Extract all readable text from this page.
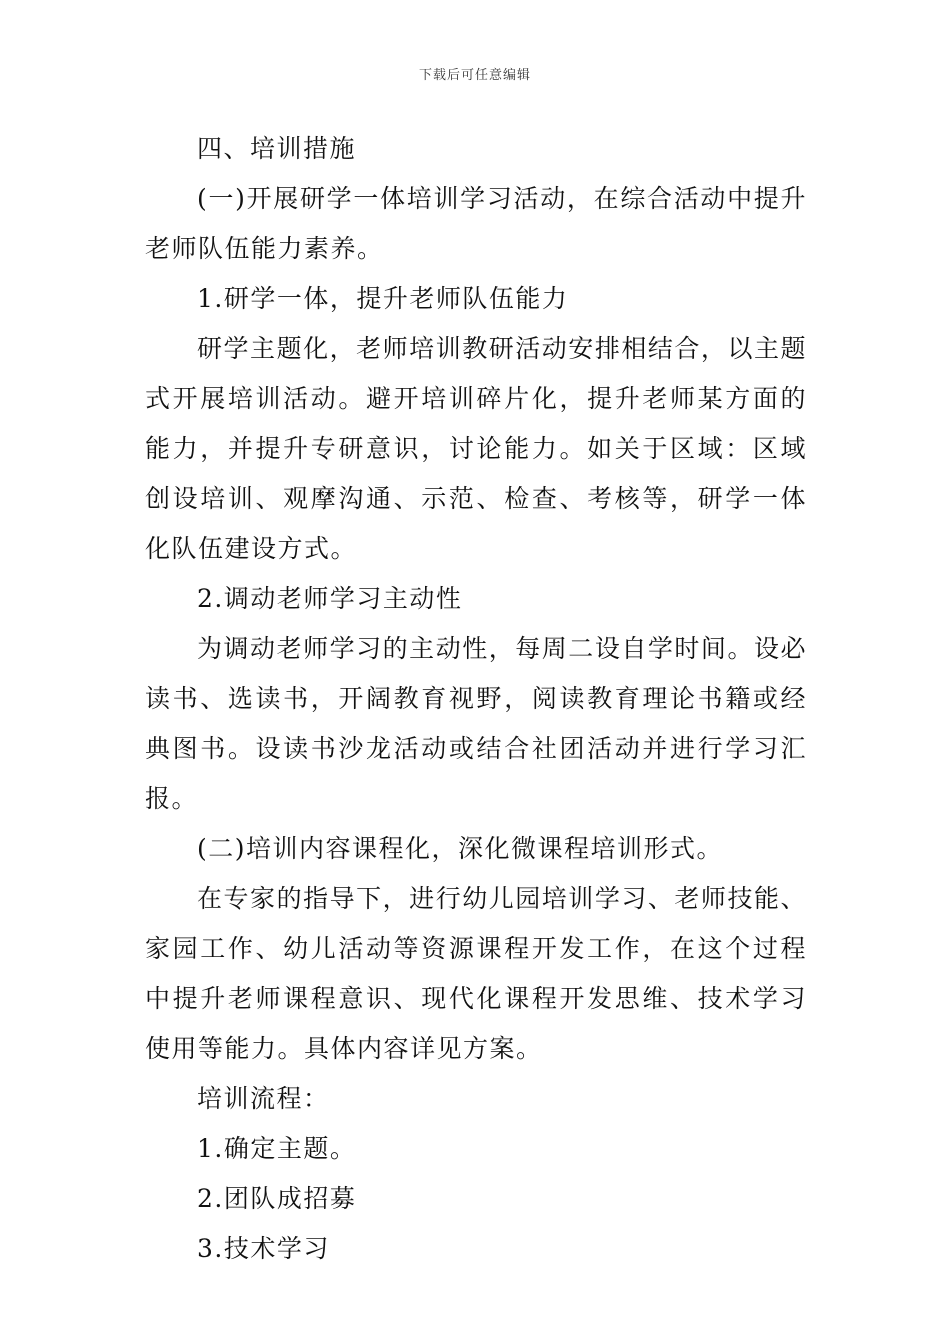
下载后可任意编辑

四、培训措施

(一)开展研学一体培训学习活动，在综合活动中提升老师队伍能力素养。

1.研学一体，提升老师队伍能力

研学主题化，老师培训教研活动安排相结合，以主题式开展培训活动。避开培训碎片化，提升老师某方面的能力，并提升专研意识，讨论能力。如关于区域：区域创设培训、观摩沟通、示范、检查、考核等，研学一体化队伍建设方式。

2.调动老师学习主动性

为调动老师学习的主动性，每周二设自学时间。设必读书、选读书，开阔教育视野，阅读教育理论书籍或经典图书。设读书沙龙活动或结合社团活动并进行学习汇报。

(二)培训内容课程化，深化微课程培训形式。

在专家的指导下，进行幼儿园培训学习、老师技能、家园工作、幼儿活动等资源课程开发工作，在这个过程中提升老师课程意识、现代化课程开发思维、技术学习使用等能力。具体内容详见方案。

培训流程：

1.确定主题。

2.团队成招募

3.技术学习
